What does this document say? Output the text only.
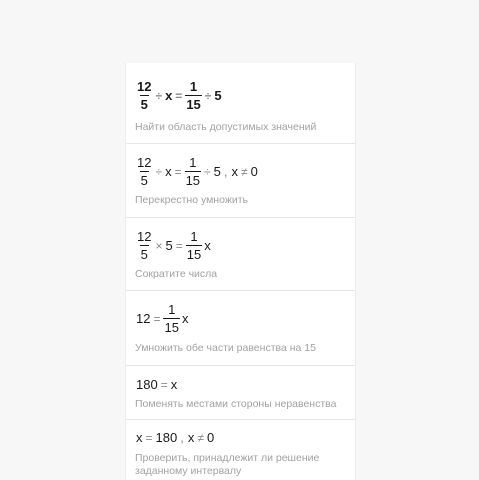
$\frac{12}{5} \div x = \frac{1}{15} \div 5$
Найти область допустимых значений
$\frac{12}{5} \div x = \frac{1}{15} \div 5$ , x ≠ 0
Перекрестно умножить
$\frac{12}{5} \times 5 = \frac{1}{15}$ x
Сократите числа
$12 = \frac{1}{15}$ x
Умножить обе части равенства на 15
180 = x
Поменять местами стороны неравенства
x = 180 , x ≠ 0
Проверить, принадлежит ли решение заданному интервалу
